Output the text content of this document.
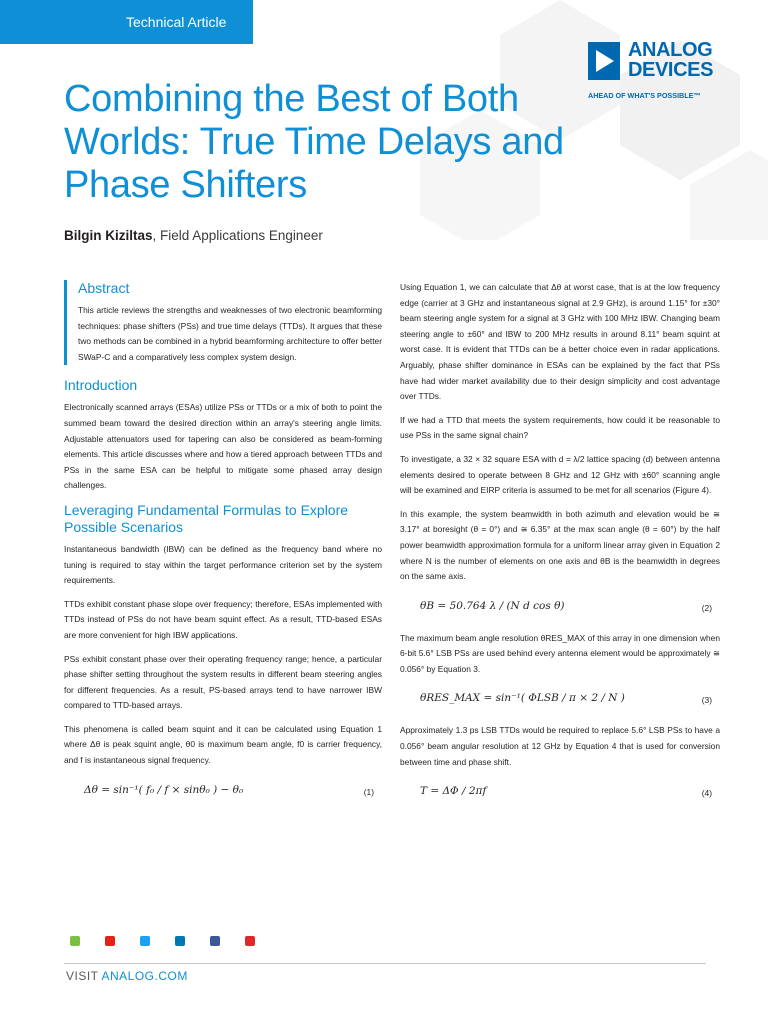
Technical Article
ANALOG
DEVICES
AHEAD OF WHAT'S POSSIBLE™
Combining the Best of Both Worlds: True Time Delays and Phase Shifters
Bilgin Kiziltas, Field Applications Engineer
Abstract

This article reviews the strengths and weaknesses of two electronic beamforming techniques: phase shifters (PSs) and true time delays (TTDs). It argues that these two methods can be combined in a hybrid beamforming architecture to offer better SWaP-C and a comparatively less complex system design.

Introduction

Electronically scanned arrays (ESAs) utilize PSs or TTDs or a mix of both to point the summed beam toward the desired direction within an array's steering angle limits. Adjustable attenuators used for tapering can also be considered as beam-forming elements. This article discusses where and how a tiered approach between TTDs and PSs in the same ESA can be helpful to mitigate some phased array design challenges.

Leveraging Fundamental Formulas to Explore Possible Scenarios

Instantaneous bandwidth (IBW) can be defined as the frequency band where no tuning is required to stay within the target performance criterion set by the system requirements.

TTDs exhibit constant phase slope over frequency; therefore, ESAs implemented with TTDs instead of PSs do not have beam squint effect. As a result, TTD-based ESAs are more convenient for high IBW applications.

PSs exhibit constant phase over their operating frequency range; hence, a particular phase shifter setting throughout the system results in different beam steering angles for different frequencies. As a result, PS-based arrays tend to have narrower IBW compared to TTD-based arrays.

This phenomena is called beam squint and it can be calculated using Equation 1 where Δθ is peak squint angle, θ0 is maximum beam angle, f0 is carrier frequency, and f is instantaneous signal frequency.

Δθ = sin⁻¹( f₀ / f × sinθ₀ ) − θ₀	(1)

Using Equation 1, we can calculate that Δθ at worst case, that is at the low frequency edge (carrier at 3 GHz and instantaneous signal at 2.9 GHz), is around 1.15° for ±30° beam steering angle system for a signal at 3 GHz with 100 MHz IBW. Changing beam steering angle to ±60° and IBW to 200 MHz results in around 8.11° beam squint at worst case. It is evident that TTDs can be a better choice even in radar applications. Arguably, phase shifter dominance in ESAs can be explained by the fact that PSs have had wider market availability due to their design simplicity and cost advantage over TTDs.

If we had a TTD that meets the system requirements, how could it be reasonable to use PSs in the same signal chain?

To investigate, a 32 × 32 square ESA with d = λ/2 lattice spacing (d) between antenna elements desired to operate between 8 GHz and 12 GHz with ±60° scanning angle will be examined and EIRP criteria is assumed to be met for all scenarios (Figure 4).

In this example, the system beamwidth in both azimuth and elevation would be ≅ 3.17° at boresight (θ = 0°) and ≅ 6.35° at the max scan angle (θ = 60°) by the half power beamwidth approximation formula for a uniform linear array given in Equation 2 where N is the number of elements on one axis and θB is the beamwidth in degrees on the same axis.

θB = 50.764 λ / (N d cos θ)	(2)

The maximum beam angle resolution θRES_MAX of this array in one dimension when 6-bit 5.6° LSB PSs are used behind every antenna element would be approximately ≅ 0.056° by Equation 3.

θRES_MAX = sin⁻¹( ΦLSB / π × 2 / N )	(3)

Approximately 1.3 ps LSB TTDs would be required to replace 5.6° LSB PSs to have a 0.056° beam angular resolution at 12 GHz by Equation 4 that is used for conversion between time and phase shift.

T = ΔΦ / 2πf	(4)
VISIT ANALOG.COM
